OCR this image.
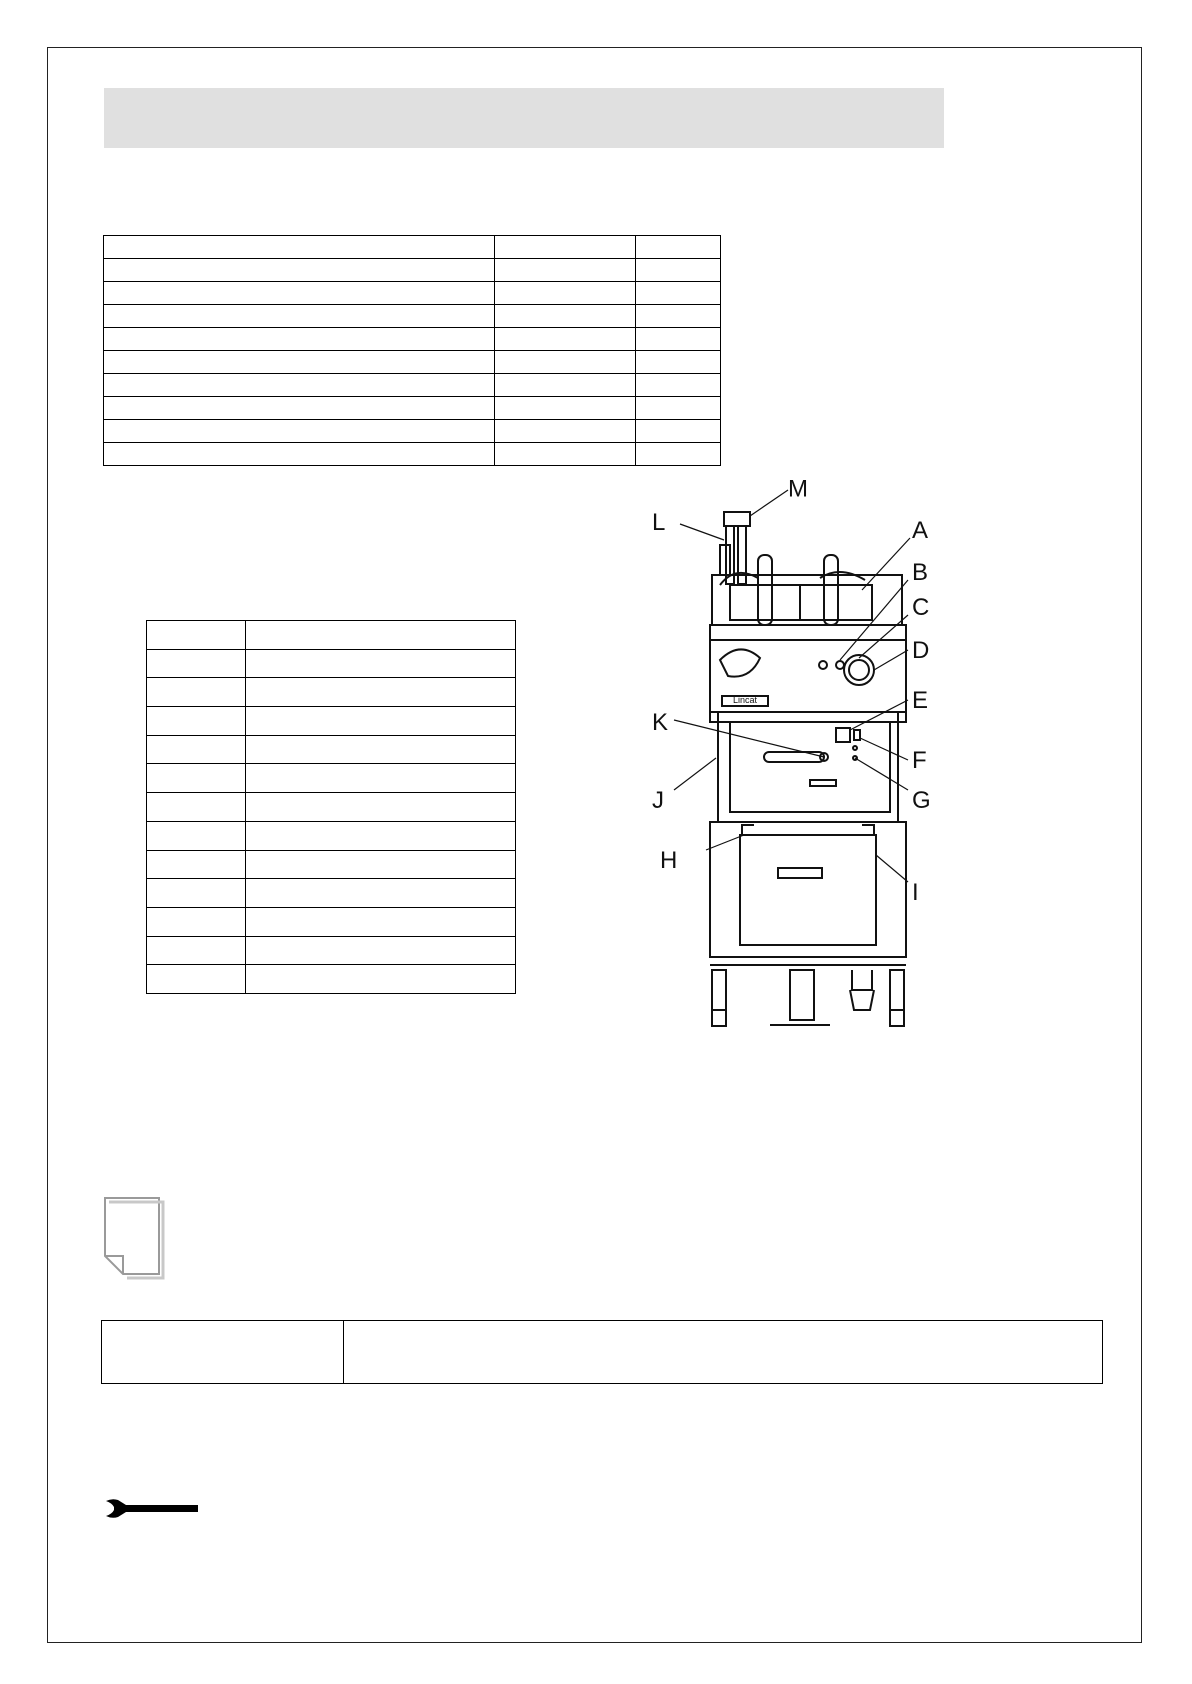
M
L	A
B
C
D
E
F
G
H
I
J
K
Lincat
